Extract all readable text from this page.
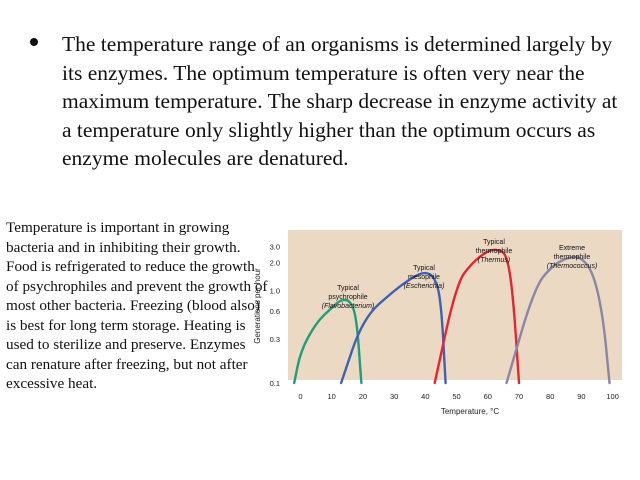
The temperature range of an organisms is determined largely by its enzymes. The optimum temperature is often very near the maximum temperature. The sharp decrease in enzyme activity at a temperature only slightly higher than the optimum occurs as enzyme molecules are denatured.
Temperature is important in growing bacteria and in inhibiting their growth. Food is refrigerated to reduce the growth of psychrophiles and prevent the growth of most other bacteria. Freezing (blood also) is best for long term storage. Heating is used to sterilize and preserve. Enzymes can renature after freezing, but not after excessive heat.
Generations per hour
Temperature, °C
0.1
0.3
0.6
1.0
2.0
3.0
0	10	20	30	40	50	60	70	80	90	100
Typical
psychrophile
(Flavobacterium)
Typical
mesophile
(Escherichia)
Typical
thermophile
(Thermus)
Extreme
thermophile
(Thermococcus)
